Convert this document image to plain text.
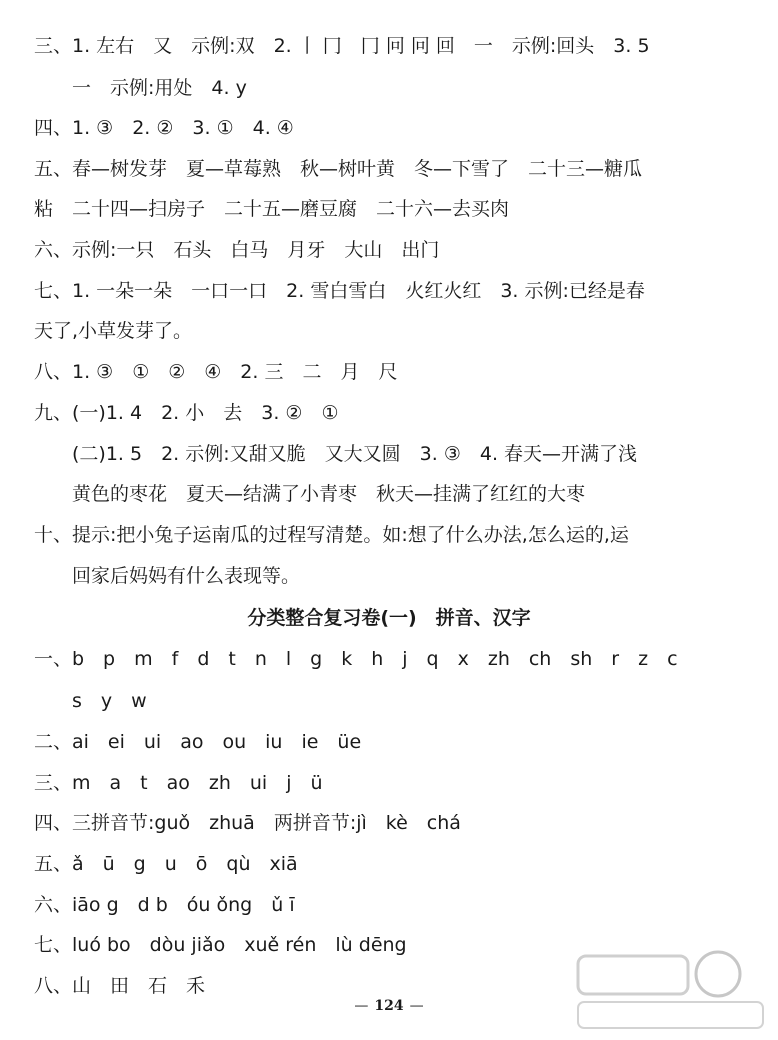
三、1. 左右　又　示例:双　2. 丨 冂　冂 冋 冋 回　一　示例:回头　3. 5
一　示例:用处　4. y
四、1. ③　2. ②　3. ①　4. ④
五、春—树发芽　夏—草莓熟　秋—树叶黄　冬—下雪了　二十三—糖瓜
粘　二十四—扫房子　二十五—磨豆腐　二十六—去买肉
六、示例:一只　石头　白马　月牙　大山　出门
七、1. 一朵一朵　一口一口　2. 雪白雪白　火红火红　3. 示例:已经是春
天了,小草发芽了。
八、1. ③　①　②　④　2. 三　二　月　尺
九、(一)1. 4　2. 小　去　3. ②　①
(二)1. 5　2. 示例:又甜又脆　又大又圆　3. ③　4. 春天—开满了浅
黄色的枣花　夏天—结满了小青枣　秋天—挂满了红红的大枣
十、提示:把小兔子运南瓜的过程写清楚。如:想了什么办法,怎么运的,运
回家后妈妈有什么表现等。
分类整合复习卷(一)　拼音、汉字
一、b　p　m　f　d　t　n　l　g　k　h　j　q　x　zh　ch　sh　r　z　c
s　y　w
二、ai　ei　ui　ao　ou　iu　ie　üe
三、m　a　t　ao　zh　ui　j　ü
四、三拼音节:guǒ　zhuā　两拼音节:jì　kè　chá
五、ǎ　ū　g　u　ō　qù　xiā
六、iāo g　d b　óu ǒng　ǔ ī
七、luó bo　dòu jiǎo　xuě rén　lù dēng
八、山　田　石　禾
— 124 —
